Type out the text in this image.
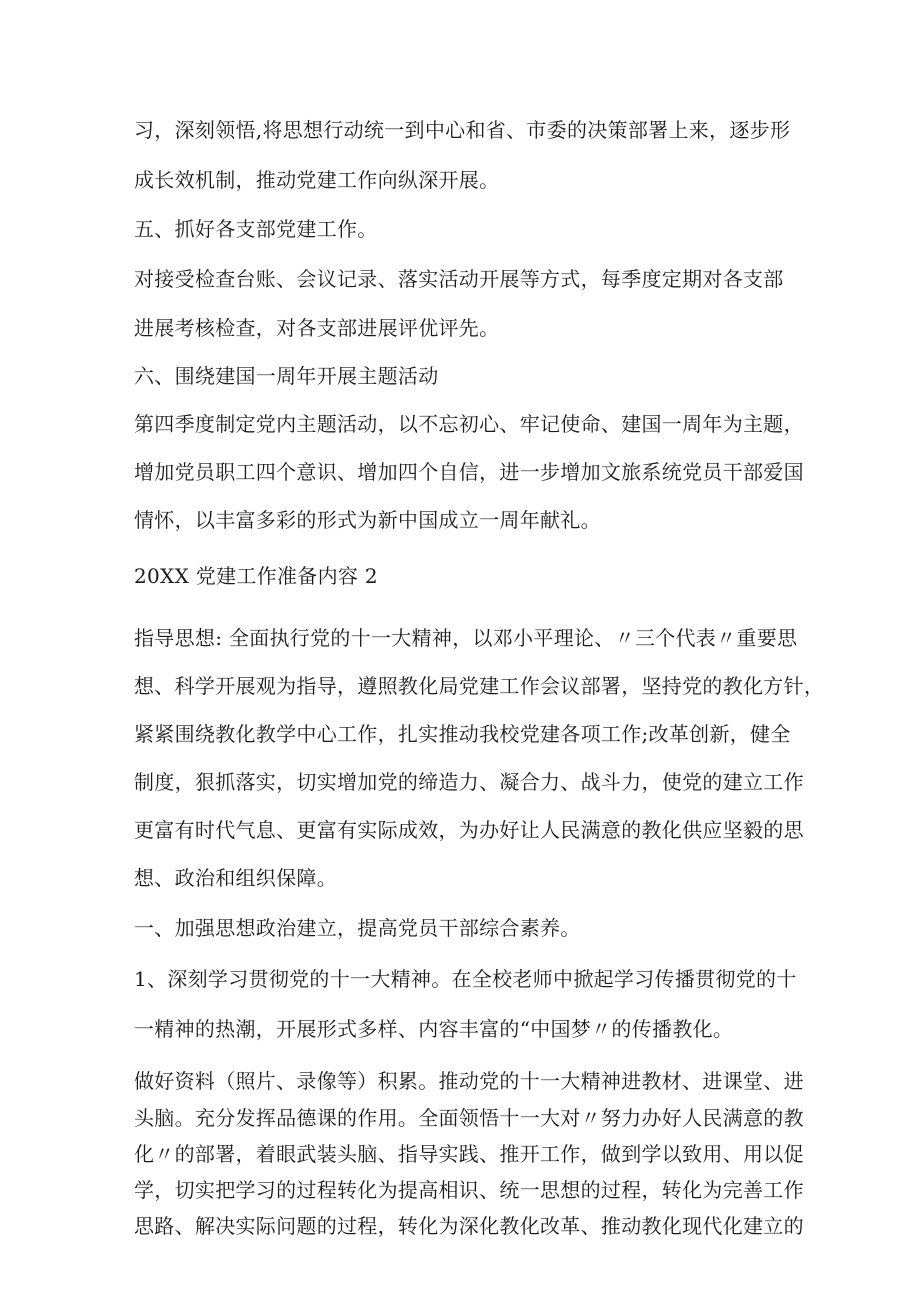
习，深刻领悟,将思想行动统一到中心和省、市委的决策部署上来，逐步形
成长效机制，推动党建工作向纵深开展。
五、抓好各支部党建工作。
对接受检查台账、会议记录、落实活动开展等方式，每季度定期对各支部
进展考核检查，对各支部进展评优评先。
六、围绕建国一周年开展主题活动
第四季度制定党内主题活动，以不忘初心、牢记使命、建国一周年为主题，
增加党员职工四个意识、增加四个自信，进一步增加文旅系统党员干部爱国
情怀，以丰富多彩的形式为新中国成立一周年献礼。
20XX 党建工作准备内容 2
指导思想: 全面执行党的十一大精神，以邓小平理论、〃三个代表〃重要思
想、科学开展观为指导，遵照教化局党建工作会议部署，坚持党的教化方针，
紧紧围绕教化教学中心工作，扎实推动我校党建各项工作;改革创新，健全
制度，狠抓落实，切实增加党的缔造力、凝合力、战斗力，使党的建立工作
更富有时代气息、更富有实际成效，为办好让人民满意的教化供应坚毅的思
想、政治和组织保障。
一、加强思想政治建立，提高党员干部综合素养。
1、深刻学习贯彻党的十一大精神。在全校老师中掀起学习传播贯彻党的十
一精神的热潮，开展形式多样、内容丰富的“中国梦〃的传播教化。
做好资料（照片、录像等）积累。推动党的十一大精神进教材、进课堂、进
头脑。充分发挥品德课的作用。全面领悟十一大对〃努力办好人民满意的教
化〃的部署，着眼武装头脑、指导实践、推开工作，做到学以致用、用以促
学，切实把学习的过程转化为提高相识、统一思想的过程，转化为完善工作
思路、解决实际问题的过程，转化为深化教化改革、推动教化现代化建立的
